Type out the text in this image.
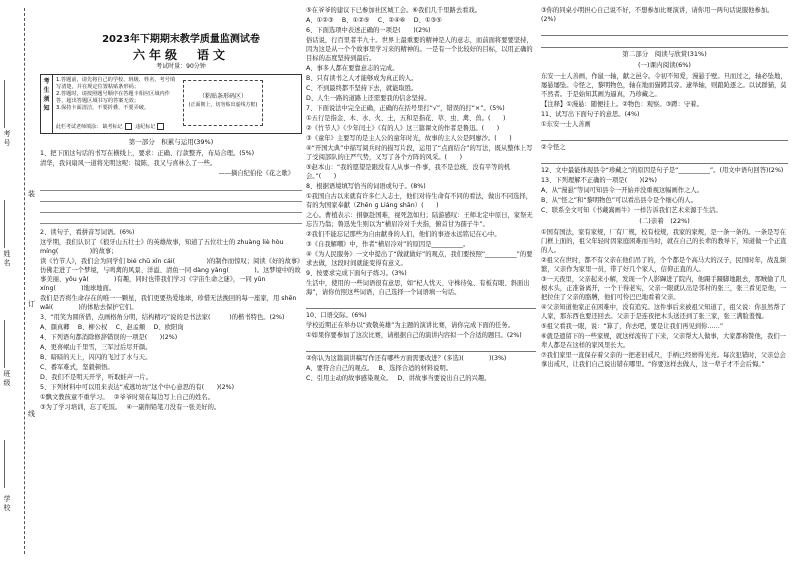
考号
姓名
班级
学校
装
订
线
2023年下期期末教学质量监测试卷
六年级　语文
考试时量：90分钟
考生须知
1.答题前，请先将自己的学校、班级、姓名、考号填写清楚，并在规定位置粘贴条形码；
2.答题时，请按照题号顺序在答题卡相应区域内作答，超出答题区域书写的答案无效；
3.保持卡面清洁，不要折叠、不要弄破。
（粘贴条形码区）
(正面朝上，切勿贴出虚线方框)
此栏考试老师填涂： 缺考标记	违纪标记
第一部分　积累与运用(39%)
1、把下面这句话的书写在横线上，要求：正确、行款整齐，布局合理。(5%)
清华，我问扇风一道将光明这呢：镜陈，我又与喜林么了一些。
——摘自纪伯伦《花之歌》
2、读句子，看拼音写词语。(6%)
这学期，我们认识了《狼牙山五壮士》的英雄故事，知道了五位壮士的 zhuàng liè hòu míng(　　　　　)的故事；
读《竹节人》，我们会为同学们 bié chū xīn cái(　　　　　)的制作而惊叹；阅读《好的故事》仿佛走进了一个梦境，与鸣禽的风景、洋溢、清鱼一同 dàng yàng(　　　　)。这梦境中的故事美丽、yōu yǎ(　　　　)有趣，同时也带我们学习《宇宙生命之谜》，一同 yǔn xíng(　　　　)地球地面。
我们是否将生命存在的唯一一颗星，我们更要热爱地球，珍惜无法挽回的每一座家，用 shēn wǎi(　　　　)的体贴去保护它们。
3、“用笑为圆所借，点画格角分明，结构精巧”说的是书法家(　　　)的楷书特色。(2%)
A、颜真卿　 B、柳公权　 C、赵孟頫　 D、欧阳询
4、下列语句都消除修辞错误的一项是(　　)(2%)
A、更喜岷山千里雪，三军过后尽开颜。
B、暗暗的天上，闪闪的飞过了水与天。
C、番军难式，坚毅顿悟。
D、我们不是明天开学，听取蛙声一片。
5、下列材料中可以用来表达“戒逃坊坊”这个中心意思的有(　　)(2%)
①飘文教孩童不重学习。　 ②爷爷时刻在每边写上自己的姓名。
③为了学习培训，忘了吃饭。　 ④一副削铅笔刀没有一张美好的。
⑤在爷爷的建议下已参加社区城工会。⑥我们几千里路去看戏。
A、①②③　 B、①②⑤　 C、②④⑥　 D、①③⑤
6、下面选项中表述正确的一项是(　　)(2%)
俗话说，行百里者半九十。世界上最重要的精神是人的意志，而前面将要要坚持，因为这是从一个个故事里学习来的精神的。一是有一个比较好的目标，以用正确的目标的态度坚持到最后。
A、事多人都在要靠意志的完成。
B、只有读书之人才能够成为真正的人。
C、不到最终都不坚持下去，就能取胜。
D、人生一路的道路上还需要我的信念坚持。
7、下面说法中完全正确，正确的在括号里打“√”，错误的打“×”。(5%)
①五行是指金、木、水、火、土，五和是指花、草、虫、禽、兽。(　　)
②《竹节人》《少年闰土》《有的人》这三篇课文的作者是鲁迅。(　　)
③《童年》主要写的是主人公的童年时光，故事的主人公是阿廖沙。(　　)
④“开国大典”中描写阅兵时的描写片段，运用了“点面结合”的写法，既从整体上写了受阅部队的庄严气势，又写了各个方阵的风采。(　　)
⑤赵本山：“我的愿望是跟没有人从事一件事，我不是总统，没有平等的机会。”(　　)
8、根据语境填写恰当的词语或句子。(8%)
①我国自古以来就有许多仁人志士，他们对待生命有不同的看法，做出不同选择，有的为国家奉献（Zhēn ɡ Liánɡ shān）(　　)
之心。曹植表示：捐躯赴国难，视死忽如归；陆游感叹：王师北定中原日，家祭无忘告乃翁；鲁迅先生则以为“横眉冷对千夫指，俯首甘为孺子牛”。
②我们不能忘记那些为自由献身的人们，他们的事迹永远铭记在心中。
③《自我解嘲》中，作者“横眉冷对”的原因是__________。
④《为人民服务》一文中提出了“做就做好”的观点，我们要按照“__________”的要求去做，这段时间就能变得有意义。
9、按要求完成下面句子练习。(3%)
生活中，使用的一些词语很有意思，如“杞人忧天、守株待兔、有板有眼、斜面出海”，请你仿照这些词语，自己选择一个词语填一句话。
10、口语交际。(6%)
学校近期正在举办以“致敬英雄”为主题的演讲比赛，请你完成下面的任务。
①如果你要参加了这次比赛，请根据自己的演讲内容拟一个合适的题目。(2%)
②你认为这篇演讲稿写作还有哪些方面需要改进？(多选)(　　　　)(3%)
A、要符合自己的观点。　 B、选择合适的材料说明。
C、引用主动的故事感染观众。　 D、讲故事当要说出自己的兴趣。
③你的同桌小明担心自己说不好，不想参加比赛演讲，请你用一两句话说服他参加。(2%)
第二部分　阅读与欣赏(31%)
(一)课内阅读(6%)
东安一士人善画，作鼠一轴，献之邑令。令初不知爱，漫悬于壁。旦而过之，轴必坠地，屡悬屡坠。令怪之，黎明物色，轴在地而猫蹲其旁。逮举轴，则踉跄逐之。以试群猫，莫不然者。于是始知其画为逼真，乃珍藏之。
【注释】①漫悬：随便挂上。②物色：观察。③蹲：守着。
11、试写出下面句子的意思。(4%)
①东安一士人善画
②令怪之
12、文中最能体现县令“珍藏之”的原因是句子是“__________”。(用文中语句回答)(2%)
13、下列理解不正确的一项是(　　)(2%)
A、从“漫悬”等词可知县令一开始并没重视这幅画作之人。
B、从“怪之”和“黎明物色”可以看出县令是个细心的人。
C、联系全文可知《书戴嵩画牛》一样告诉我们艺术来源于生活。
(二)亲着　(22%)
①国有国法，家有家规，厂有厂规，校有校规，我家的家规，是一条一条的。一条是写在门框上面的，祖父年轻时因家庭困难而当时，就在自己的长辈的教导下，知道做一个正直的人。
②祖父在世时，都不有父亲在他们吊了的，个个都是个高马大的汉子，民国时年，战乱频繁，父亲作为家里一员，带了好几个家人，信仰正直的人。
③一天夜里，父亲起来小解，发现一个人影蹿进了院内，他蹑手蹑脚地跟去，那贼偷了几根木头，正准备离开，一个干得老实，父亲一眼就认出是邻村的张三，张三看见是他，一把拉住了父亲的胳膊，他们可怜巴巴地看着父亲。
④父亲知道他家正在困难中，没有追究。这件事后来被祖父知道了，祖父说：你虽然帮了人家，那东西也要还回去。父亲于是连夜把木头送还到了张三家，张三满脸羞愧。
⑤祖父看我一眼，说：“算了，你去吧，要是让我们再见到你……”
⑥就是遗留下的一些家规，就这样流传了下来，父亲帮大人做事，大家都称赞他，我们一辈人都是在这样的家风里长大。
⑦我们家里一直保存着父亲的一把老旧戒尺，手柄已经磨得光亮。每次犯错时，父亲总会拿出戒尺，让我们自己说出错在哪里。“你要这样去做人，这一辈子才不会后悔。”
